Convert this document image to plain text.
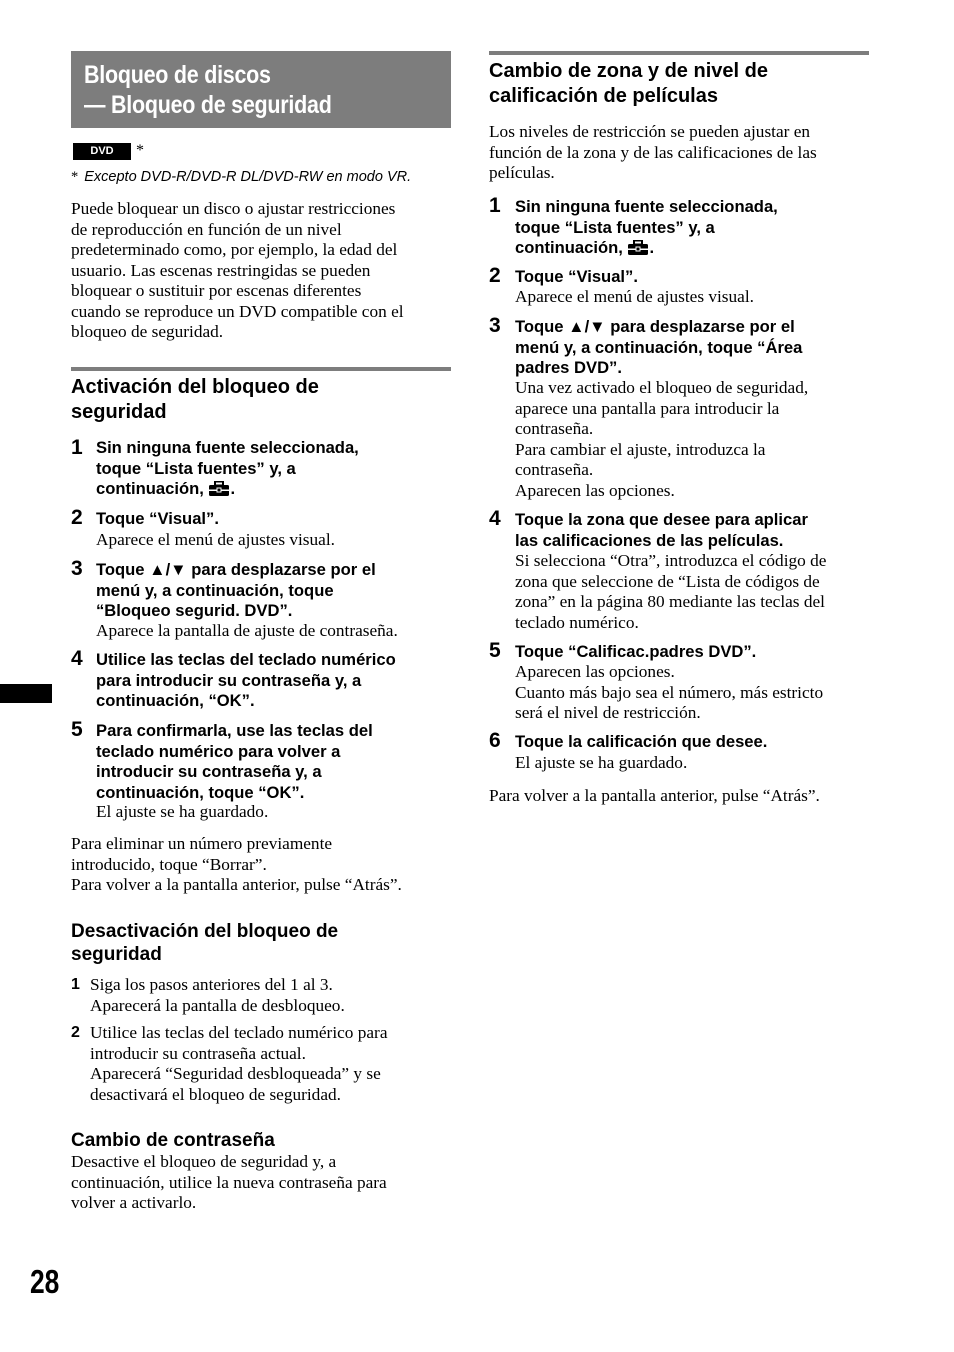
Bloqueo de discos
— Bloqueo de seguridad
DVD	*
* Excepto DVD-R/DVD-R DL/DVD-RW en modo VR.
Puede bloquear un disco o ajustar restricciones
de reproducción en función de un nivel
predeterminado como, por ejemplo, la edad del
usuario. Las escenas restringidas se pueden
bloquear o sustituir por escenas diferentes
cuando se reproduce un DVD compatible con el
bloqueo de seguridad.
Activación del bloqueo de
seguridad
1 Sin ninguna fuente seleccionada,
toque “Lista fuentes” y, a
continuación, .
2 Toque “Visual”.
Aparece el menú de ajustes visual.
3 Toque ▲/▼ para desplazarse por el
menú y, a continuación, toque
“Bloqueo segurid. DVD”.
Aparece la pantalla de ajuste de contraseña.
4 Utilice las teclas del teclado numérico
para introducir su contraseña y, a
continuación, “OK”.
5 Para confirmarla, use las teclas del
teclado numérico para volver a
introducir su contraseña y, a
continuación, toque “OK”.
El ajuste se ha guardado.
Para eliminar un número previamente
introducido, toque “Borrar”.
Para volver a la pantalla anterior, pulse “Atrás”.
Desactivación del bloqueo de
seguridad
1 Siga los pasos anteriores del 1 al 3.
Aparecerá la pantalla de desbloqueo.
2 Utilice las teclas del teclado numérico para
introducir su contraseña actual.
Aparecerá “Seguridad desbloqueada” y se
desactivará el bloqueo de seguridad.
Cambio de contraseña
Desactive el bloqueo de seguridad y, a
continuación, utilice la nueva contraseña para
volver a activarlo.
28
Cambio de zona y de nivel de
calificación de películas
Los niveles de restricción se pueden ajustar en
función de la zona y de las calificaciones de las
películas.
1 Sin ninguna fuente seleccionada,
toque “Lista fuentes” y, a
continuación, .
2 Toque “Visual”.
Aparece el menú de ajustes visual.
3 Toque ▲/▼ para desplazarse por el
menú y, a continuación, toque “Área
padres DVD”.
Una vez activado el bloqueo de seguridad,
aparece una pantalla para introducir la
contraseña.
Para cambiar el ajuste, introduzca la
contraseña.
Aparecen las opciones.
4 Toque la zona que desee para aplicar
las calificaciones de las películas.
Si selecciona “Otra”, introduzca el código de
zona que seleccione de “Lista de códigos de
zona” en la página 80 mediante las teclas del
teclado numérico.
5 Toque “Calificac.padres DVD”.
Aparecen las opciones.
Cuanto más bajo sea el número, más estricto
será el nivel de restricción.
6 Toque la calificación que desee.
El ajuste se ha guardado.
Para volver a la pantalla anterior, pulse “Atrás”.
